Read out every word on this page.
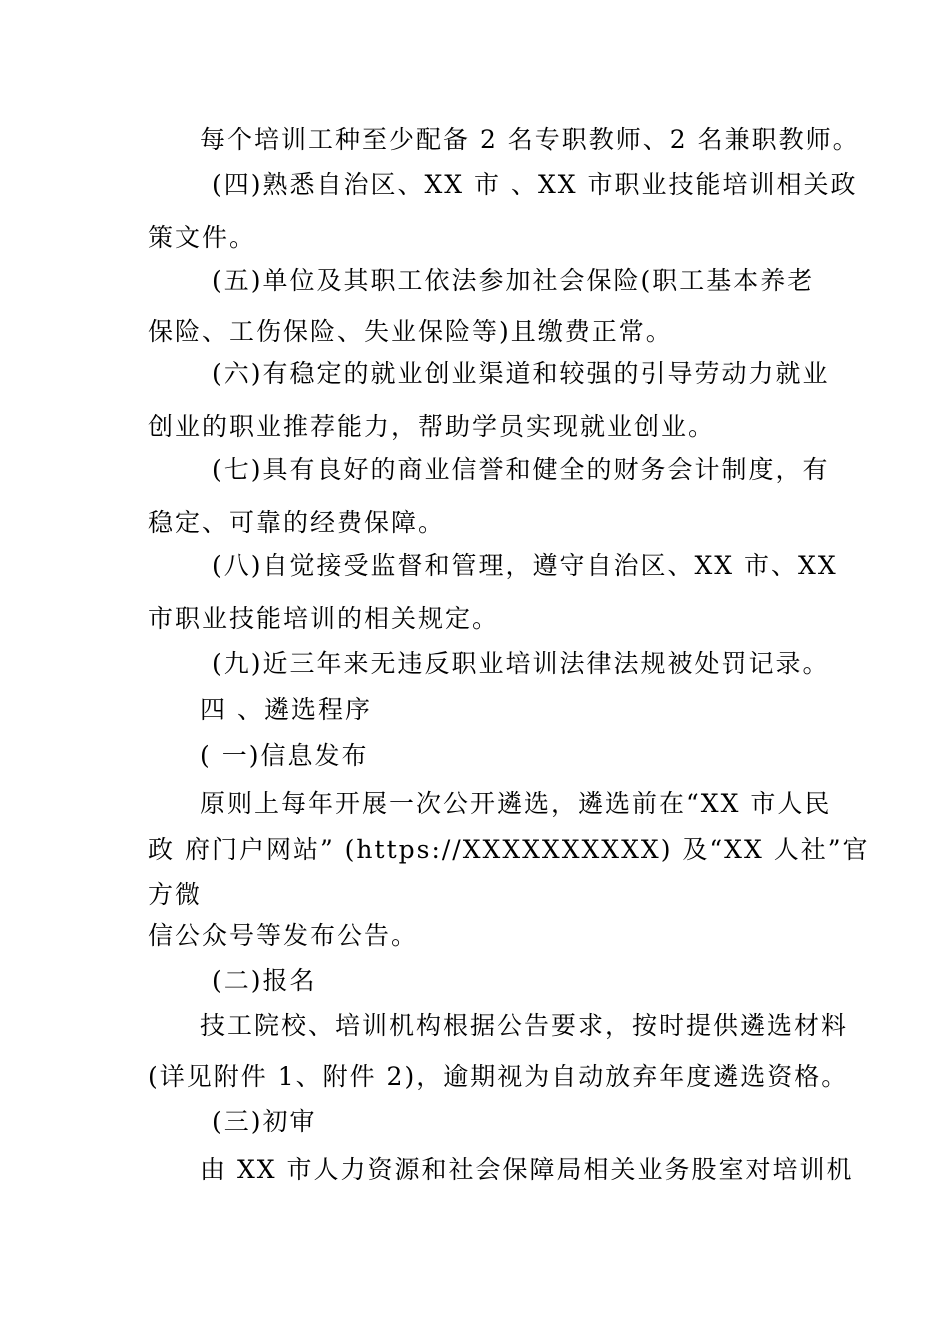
每个培训工种至少配备 2 名专职教师、2 名兼职教师。
(四)熟悉自治区、XX 市 、XX 市职业技能培训相关政
策文件。
(五)单位及其职工依法参加社会保险(职工基本养老
保险、工伤保险、失业保险等)且缴费正常。
(六)有稳定的就业创业渠道和较强的引导劳动力就业
创业的职业推荐能力，帮助学员实现就业创业。
(七)具有良好的商业信誉和健全的财务会计制度，有
稳定、可靠的经费保障。
(八)自觉接受监督和管理，遵守自治区、XX 市、XX
市职业技能培训的相关规定。
(九)近三年来无违反职业培训法律法规被处罚记录。
四 、遴选程序
( 一)信息发布
原则上每年开展一次公开遴选，遴选前在“XX 市人民
政 府门户网站” (https://XXXXXXXXXX) 及“XX 人社”官
方微
信公众号等发布公告。
(二)报名
技工院校、培训机构根据公告要求，按时提供遴选材料
(详见附件 1、附件 2)，逾期视为自动放弃年度遴选资格。
(三)初审
由 XX 市人力资源和社会保障局相关业务股室对培训机
